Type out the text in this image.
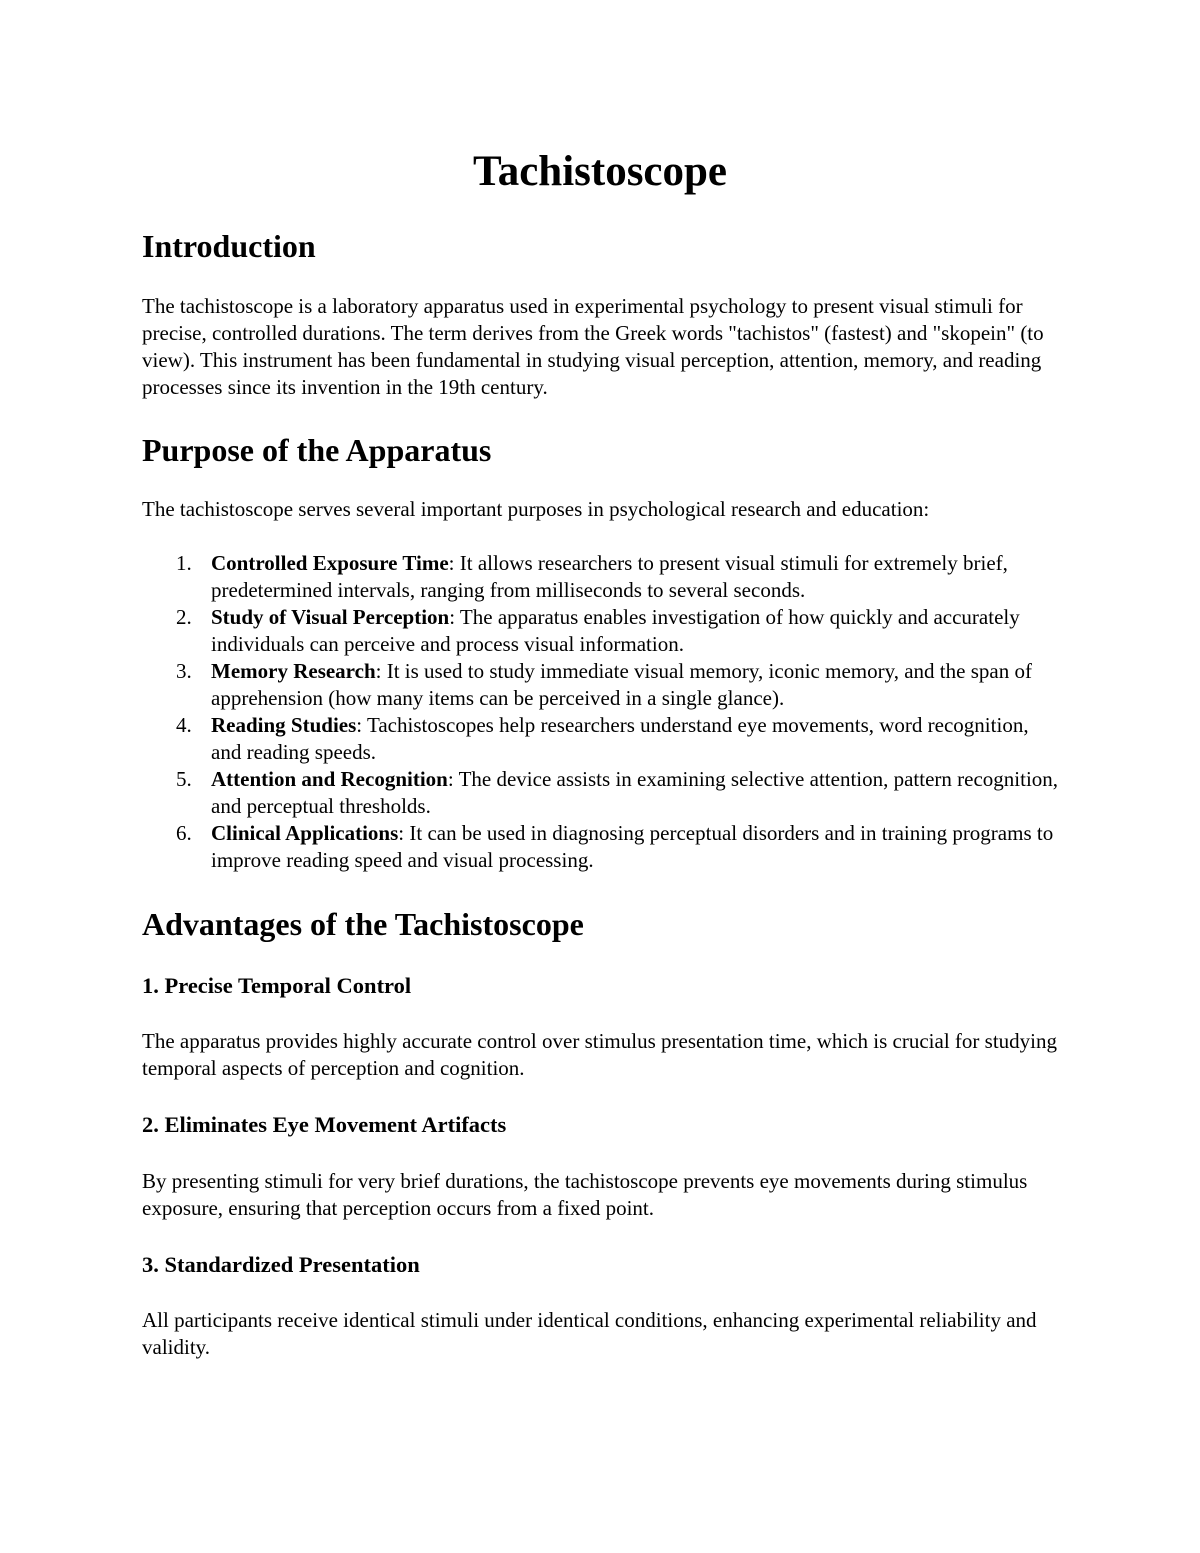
Tachistoscope
Introduction

The tachistoscope is a laboratory apparatus used in experimental psychology to present visual stimuli for precise, controlled durations. The term derives from the Greek words "tachistos" (fastest) and "skopein" (to view). This instrument has been fundamental in studying visual perception, attention, memory, and reading processes since its invention in the 19th century.

Purpose of the Apparatus

The tachistoscope serves several important purposes in psychological research and education:

1. Controlled Exposure Time: It allows researchers to present visual stimuli for extremely brief, predetermined intervals, ranging from milliseconds to several seconds.
2. Study of Visual Perception: The apparatus enables investigation of how quickly and accurately individuals can perceive and process visual information.
3. Memory Research: It is used to study immediate visual memory, iconic memory, and the span of apprehension (how many items can be perceived in a single glance).
4. Reading Studies: Tachistoscopes help researchers understand eye movements, word recognition, and reading speeds.
5. Attention and Recognition: The device assists in examining selective attention, pattern recognition, and perceptual thresholds.
6. Clinical Applications: It can be used in diagnosing perceptual disorders and in training programs to improve reading speed and visual processing.
Advantages of the Tachistoscope
1. Precise Temporal Control

The apparatus provides highly accurate control over stimulus presentation time, which is crucial for studying temporal aspects of perception and cognition.

2. Eliminates Eye Movement Artifacts

By presenting stimuli for very brief durations, the tachistoscope prevents eye movements during stimulus exposure, ensuring that perception occurs from a fixed point.

3. Standardized Presentation

All participants receive identical stimuli under identical conditions, enhancing experimental reliability and validity.
